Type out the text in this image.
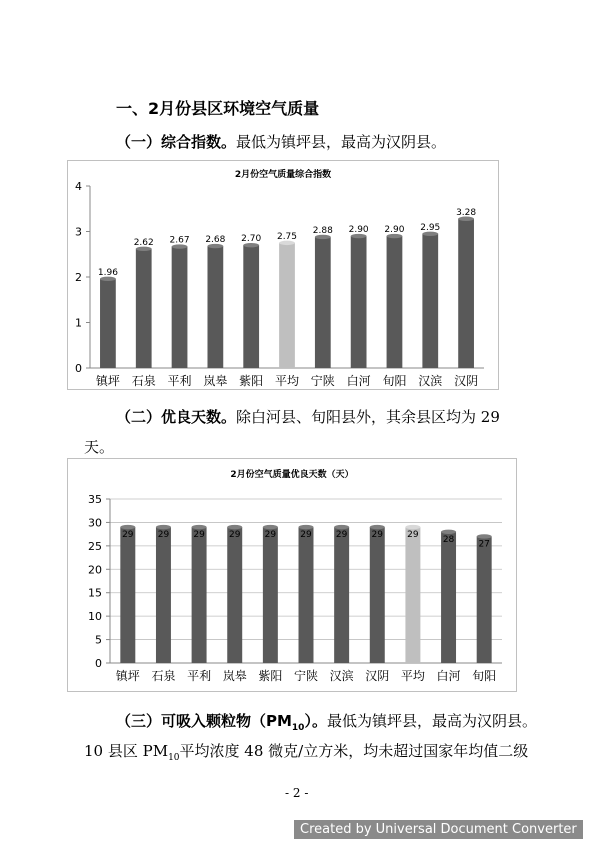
一、2月份县区环境空气质量
（一）综合指数。最低为镇坪县，最高为汉阴县。
2月份空气质量综合指数
0
1
2
3
4
1.96
镇坪
2.62
石泉
2.67
平利
2.68
岚皋
2.70
紫阳
2.75
平均
2.88
宁陕
2.90
白河
2.90
旬阳
2.95
汉滨
3.28
汉阴
（二）优良天数。除白河县、旬阳县外，其余县区均为 29
天。
2月份空气质量优良天数（天）
0
5
10
15
20
25
30
35
29
镇坪
29
石泉
29
平利
29
岚皋
29
紫阳
29
宁陕
29
汉滨
29
汉阴
29
平均
28
白河
27
旬阳
（三）可吸入颗粒物$(PM_{10})$。最低为镇坪县，最高为汉阴县。
10 县区 $PM_{10}$平均浓度 48 微克/立方米，均未超过国家年均值二级
- 2 -
Created by Universal Document Converter
